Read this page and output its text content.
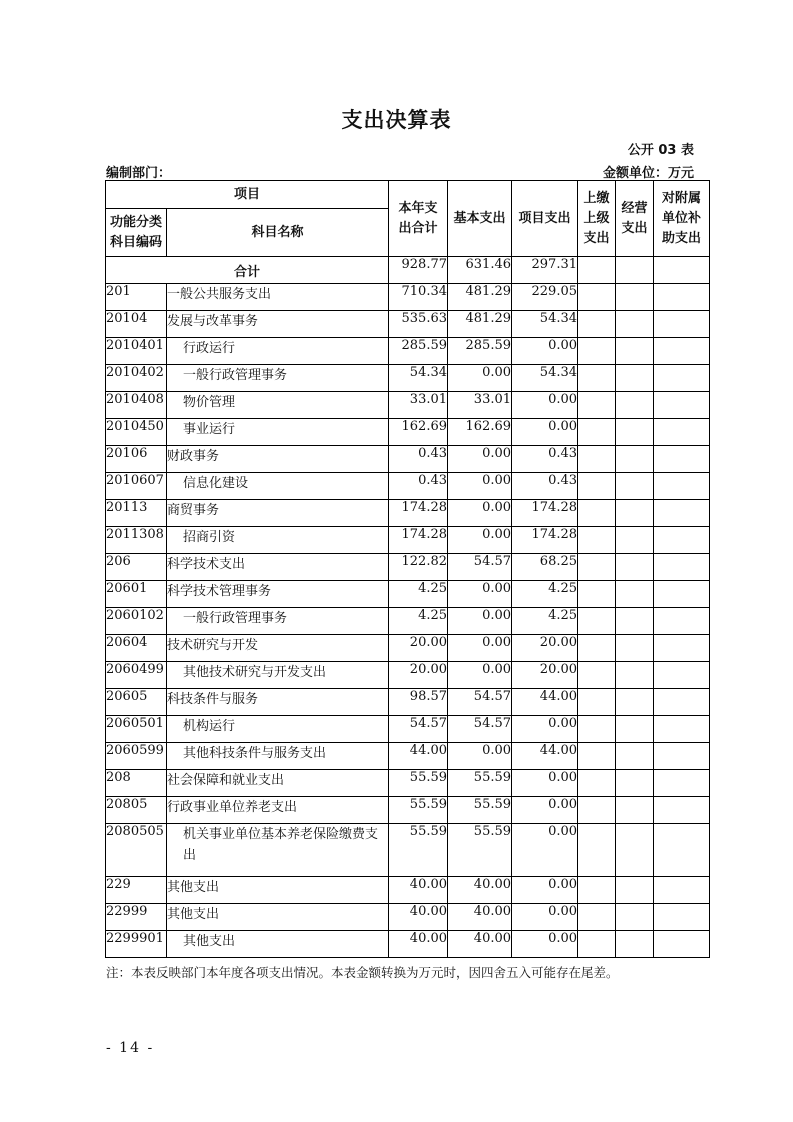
支出决算表
公开 03 表
编制部门：	金额单位：万元
项目		本年支出合计	基本支出	项目支出	上缴上级支出	经营支出	对附属单位补助支出

功能分类科目编码	科目名称						
合计		928.77	631.46	297.31			
201	一般公共服务支出	710.34	481.29	229.05			
20104	发展与改革事务	535.63	481.29	54.34			
2010401	行政运行	285.59	285.59	0.00			
2010402	一般行政管理事务	54.34	0.00	54.34			
2010408	物价管理	33.01	33.01	0.00			
2010450	事业运行	162.69	162.69	0.00			
20106	财政事务	0.43	0.00	0.43			
2010607	信息化建设	0.43	0.00	0.43			
20113	商贸事务	174.28	0.00	174.28			
2011308	招商引资	174.28	0.00	174.28			
206	科学技术支出	122.82	54.57	68.25			
20601	科学技术管理事务	4.25	0.00	4.25			
2060102	一般行政管理事务	4.25	0.00	4.25			
20604	技术研究与开发	20.00	0.00	20.00			
2060499	其他技术研究与开发支出	20.00	0.00	20.00			
20605	科技条件与服务	98.57	54.57	44.00			
2060501	机构运行	54.57	54.57	0.00			
2060599	其他科技条件与服务支出	44.00	0.00	44.00			
208	社会保障和就业支出	55.59	55.59	0.00			
20805	行政事业单位养老支出	55.59	55.59	0.00			
2080505	机关事业单位基本养老保险缴费支出	55.59	55.59	0.00			
229	其他支出	40.00	40.00	0.00			
22999	其他支出	40.00	40.00	0.00			
2299901	其他支出	40.00	40.00	0.00			
注：本表反映部门本年度各项支出情况。本表金额转换为万元时，因四舍五入可能存在尾差。
- 14 -
